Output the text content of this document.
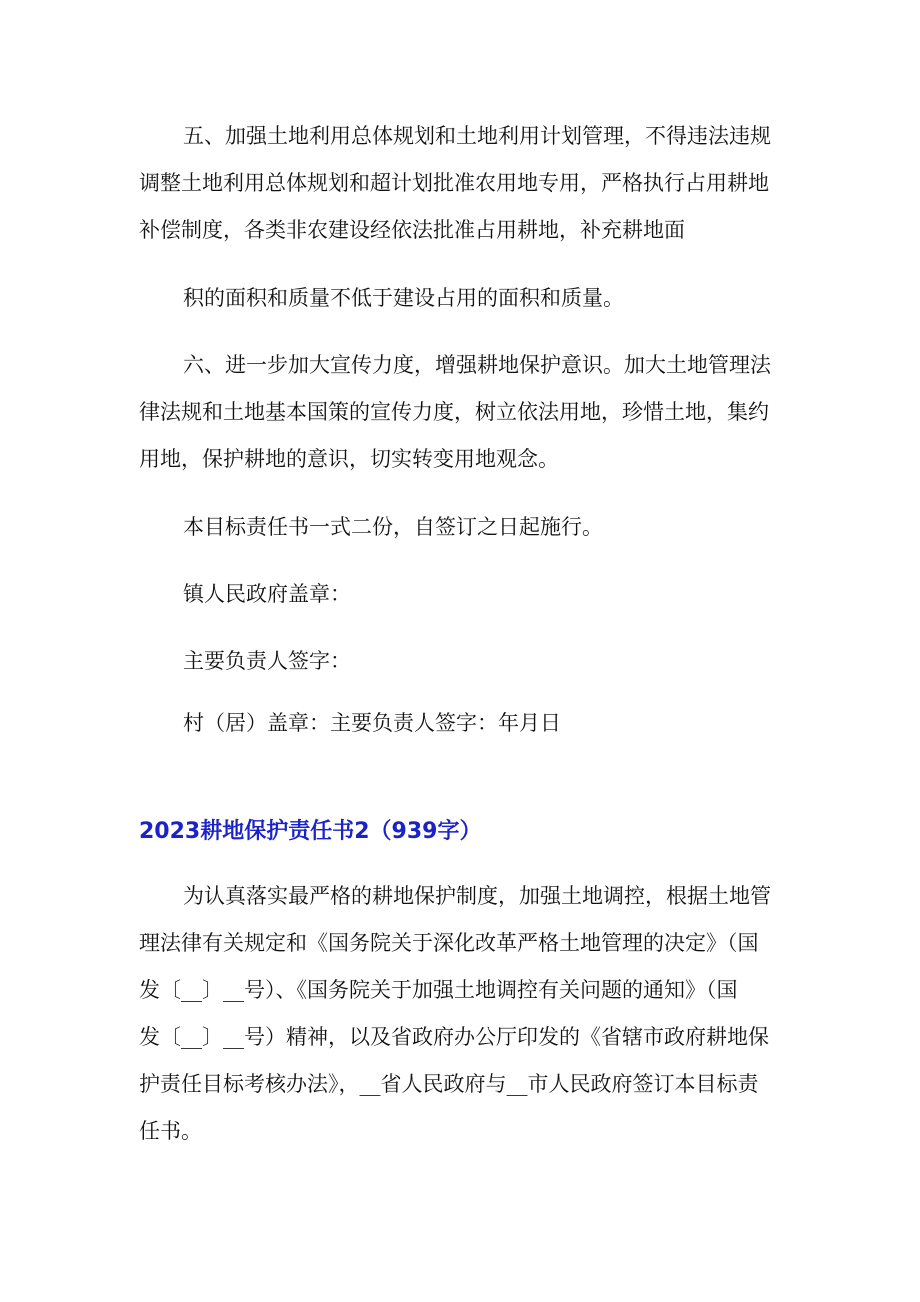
五、加强土地利用总体规划和土地利用计划管理，不得违法违规
调整土地利用总体规划和超计划批准农用地专用，严格执行占用耕地
补偿制度，各类非农建设经依法批准占用耕地，补充耕地面

积的面积和质量不低于建设占用的面积和质量。

六、进一步加大宣传力度，增强耕地保护意识。加大土地管理法
律法规和土地基本国策的宣传力度，树立依法用地，珍惜土地，集约
用地，保护耕地的意识，切实转变用地观念。

本目标责任书一式二份，自签订之日起施行。

镇人民政府盖章：

主要负责人签字：

村（居）盖章：主要负责人签字：年月日

2023耕地保护责任书2（939字）

为认真落实最严格的耕地保护制度，加强土地调控，根据土地管
理法律有关规定和《国务院关于深化改革严格土地管理的决定》（国
发〔__〕__号）、《国务院关于加强土地调控有关问题的通知》（国
发〔__〕__号）精神，以及省政府办公厅印发的《省辖市政府耕地保
护责任目标考核办法》，__省人民政府与__市人民政府签订本目标责
任书。
